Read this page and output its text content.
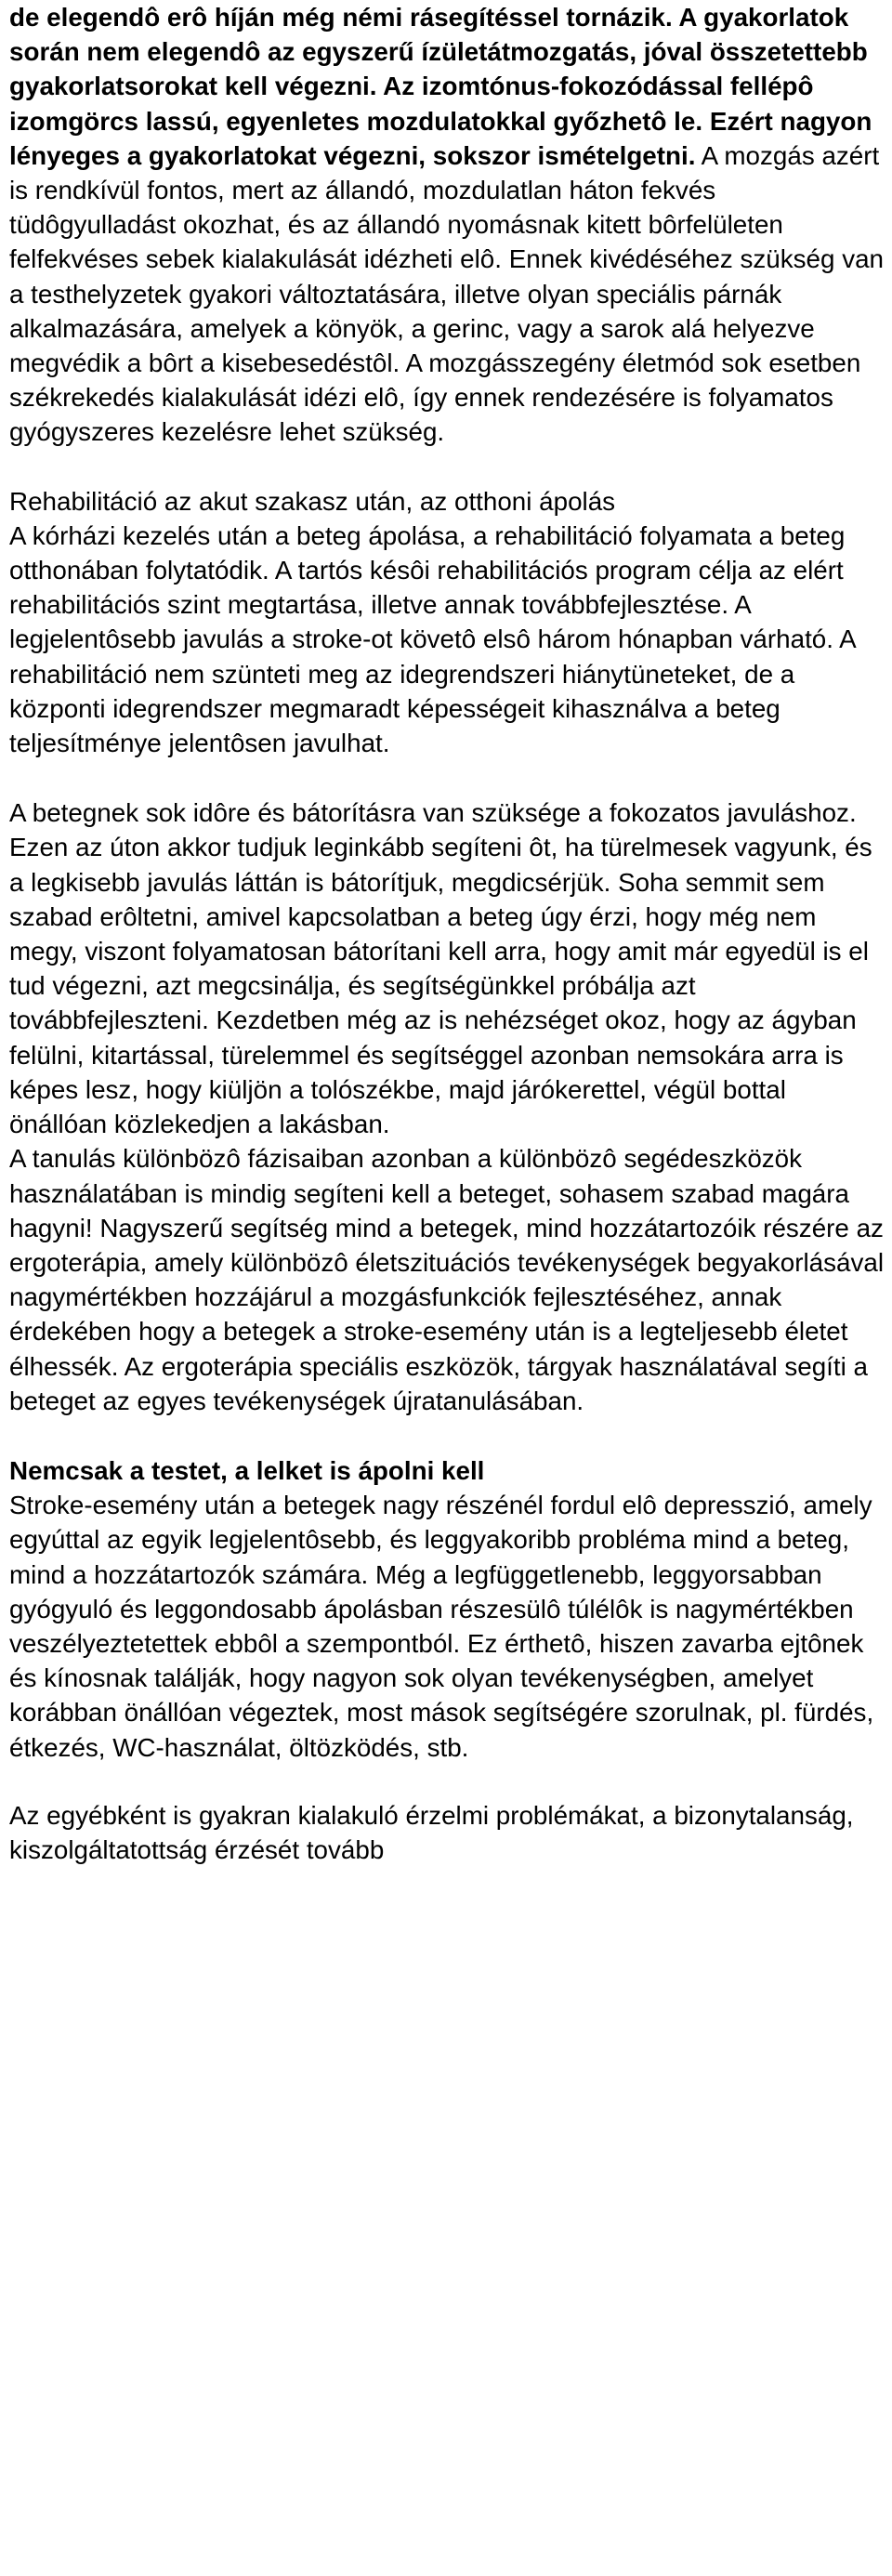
de elegendô erô híján még némi rásegítéssel tornázik. A gyakorlatok során nem elegendô az egyszerű ízületátmozgatás, jóval összetettebb gyakorlatsorokat kell végezni. Az izomtónus-fokozódással fellépô izomgörcs lassú, egyenletes mozdulatokkal győzhetô le. Ezért nagyon lényeges a gyakorlatokat végezni, sokszor ismételgetni. A mozgás azért is rendkívül fontos, mert az állandó, mozdulatlan háton fekvés tüdôgyulladást okozhat, és az állandó nyomásnak kitett bôrfelületen felfekvéses sebek kialakulását idézheti elô. Ennek kivédéséhez szükség van a testhelyzetek gyakori változtatására, illetve olyan speciális párnák alkalmazására, amelyek a könyök, a gerinc, vagy a sarok alá helyezve megvédik a bôrt a kisebesedéstôl. A mozgásszegény életmód sok esetben székrekedés kialakulását idézi elô, így ennek rendezésére is folyamatos gyógyszeres kezelésre lehet szükség.

Rehabilitáció az akut szakasz után, az otthoni ápolás

A kórházi kezelés után a beteg ápolása, a rehabilitáció folyamata a beteg otthonában folytatódik. A tartós késôi rehabilitációs program célja az elért rehabilitációs szint megtartása, illetve annak továbbfejlesztése. A legjelentôsebb javulás a stroke-ot követô elsô három hónapban várható. A rehabilitáció nem szünteti meg az idegrendszeri hiánytüneteket, de a központi idegrendszer megmaradt képességeit kihasználva a beteg teljesítménye jelentôsen javulhat.

A betegnek sok idôre és bátorításra van szüksége a fokozatos javuláshoz. Ezen az úton akkor tudjuk leginkább segíteni ôt, ha türelmesek vagyunk, és a legkisebb javulás láttán is bátorítjuk, megdicsérjük. Soha semmit sem szabad erôltetni, amivel kapcsolatban a beteg úgy érzi, hogy még nem megy, viszont folyamatosan bátorítani kell arra, hogy amit már egyedül is el tud végezni, azt megcsinálja, és segítségünkkel próbálja azt továbbfejleszteni. Kezdetben még az is nehézséget okoz, hogy az ágyban felülni, kitartással, türelemmel és segítséggel azonban nemsokára arra is képes lesz, hogy kiüljön a tolószékbe, majd járókerettel, végül bottal önállóan közlekedjen a lakásban.

A tanulás különbözô fázisaiban azonban a különbözô segédeszközök használatában is mindig segíteni kell a beteget, sohasem szabad magára hagyni! Nagyszerű segítség mind a betegek, mind hozzátartozóik részére az ergoterápia, amely különbözô életszituációs tevékenységek begyakorlásával nagymértékben hozzájárul a mozgásfunkciók fejlesztéséhez, annak érdekében hogy a betegek a stroke-esemény után is a legteljesebb életet élhessék. Az ergoterápia speciális eszközök, tárgyak használatával segíti a beteget az egyes tevékenységek újratanulásában.

Nemcsak a testet, a lelket is ápolni kell

Stroke-esemény után a betegek nagy részénél fordul elô depresszió, amely egyúttal az egyik legjelentôsebb, és leggyakoribb probléma mind a beteg, mind a hozzátartozók számára. Még a legfüggetlenebb, leggyorsabban gyógyuló és leggondosabb ápolásban részesülô túlélôk is nagymértékben veszélyeztetettek ebbôl a szempontból. Ez érthetô, hiszen zavarba ejtônek és kínosnak találják, hogy nagyon sok olyan tevékenységben, amelyet korábban önállóan végeztek, most mások segítségére szorulnak, pl. fürdés, étkezés, WC-használat, öltözködés, stb.

Az egyébként is gyakran kialakuló érzelmi problémákat, a bizonytalanság, kiszolgáltatottság érzését tovább
